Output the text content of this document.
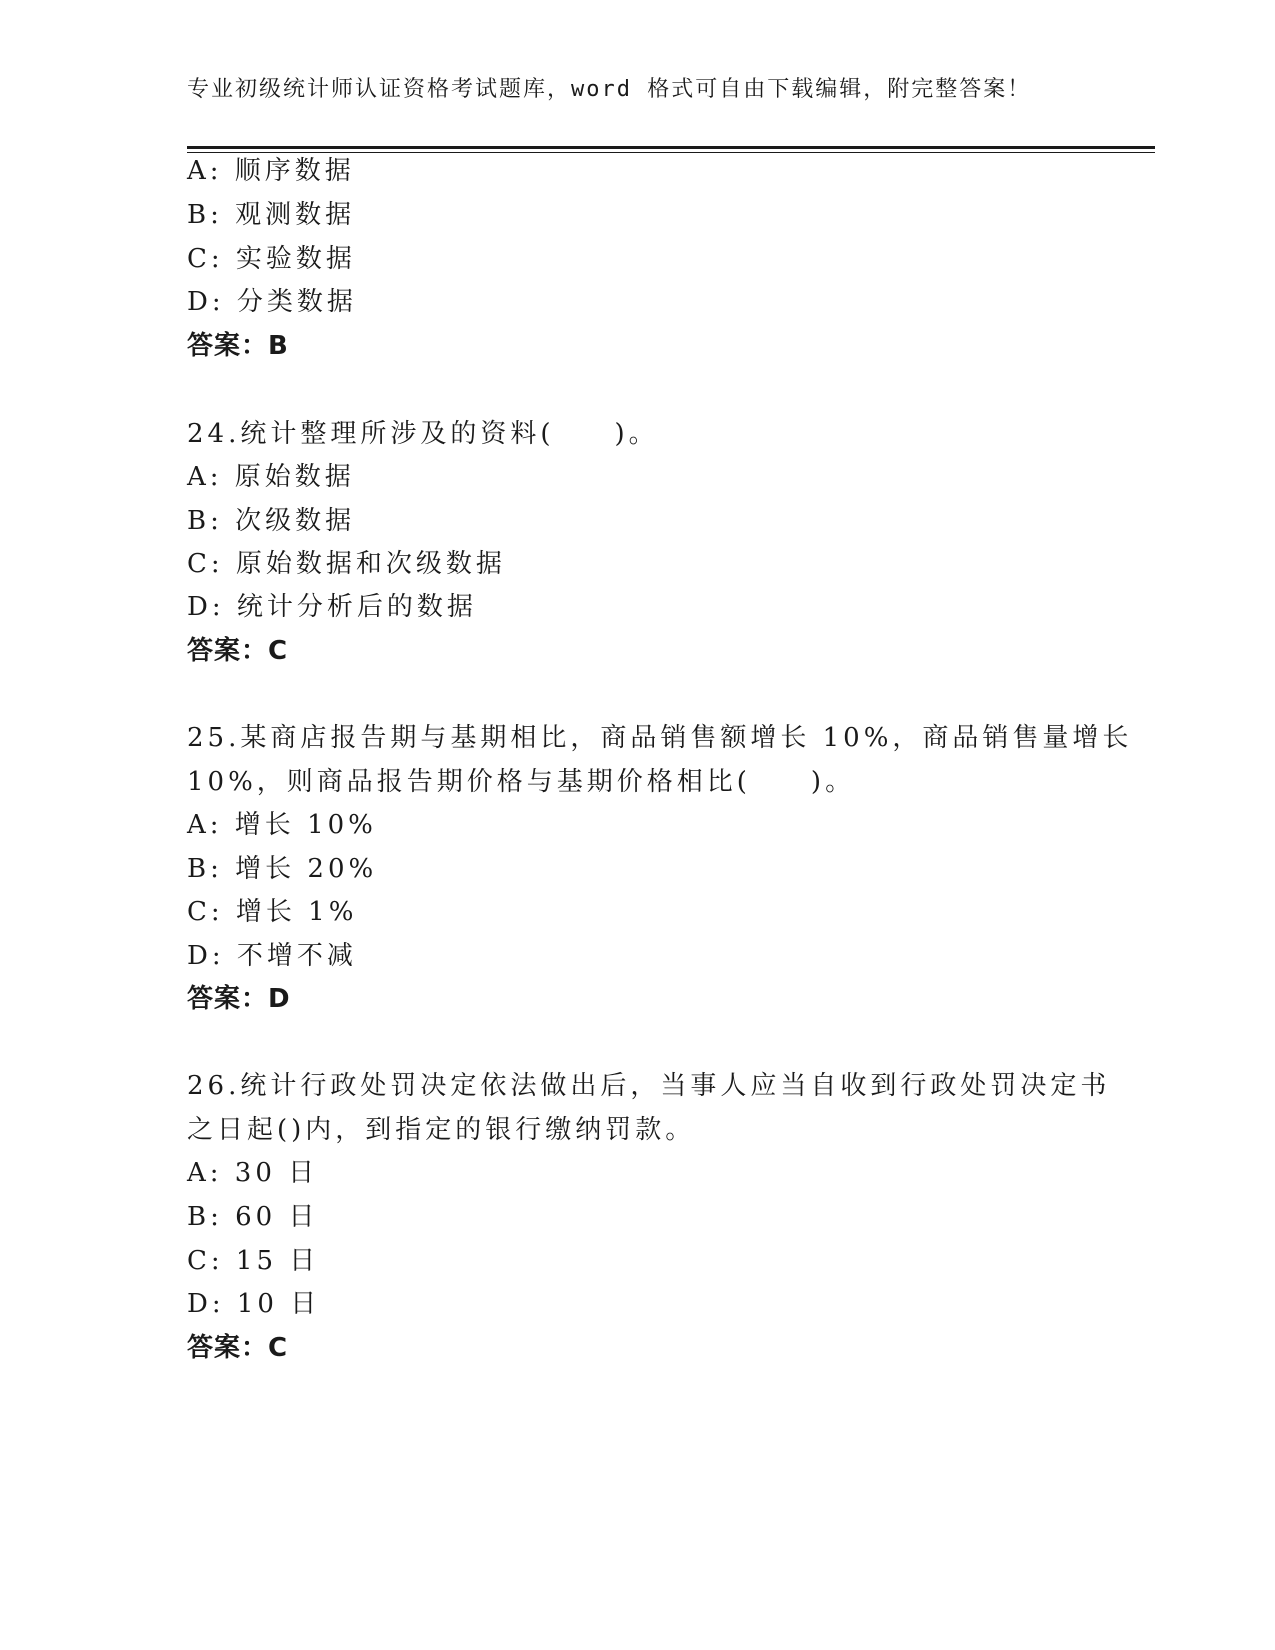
专业初级统计师认证资格考试题库，word 格式可自由下载编辑，附完整答案！
A: 顺序数据
B: 观测数据
C: 实验数据
D: 分类数据
答案：B
24.统计整理所涉及的资料(　　)。
A: 原始数据
B: 次级数据
C: 原始数据和次级数据
D: 统计分析后的数据
答案：C
25.某商店报告期与基期相比，商品销售额增长 10%，商品销售量增长
10%，则商品报告期价格与基期价格相比(　　)。
A: 增长 10%
B: 增长 20%
C: 增长 1%
D: 不增不减
答案：D
26.统计行政处罚决定依法做出后，当事人应当自收到行政处罚决定书
之日起()内，到指定的银行缴纳罚款。
A: 30 日
B: 60 日
C: 15 日
D: 10 日
答案：C
